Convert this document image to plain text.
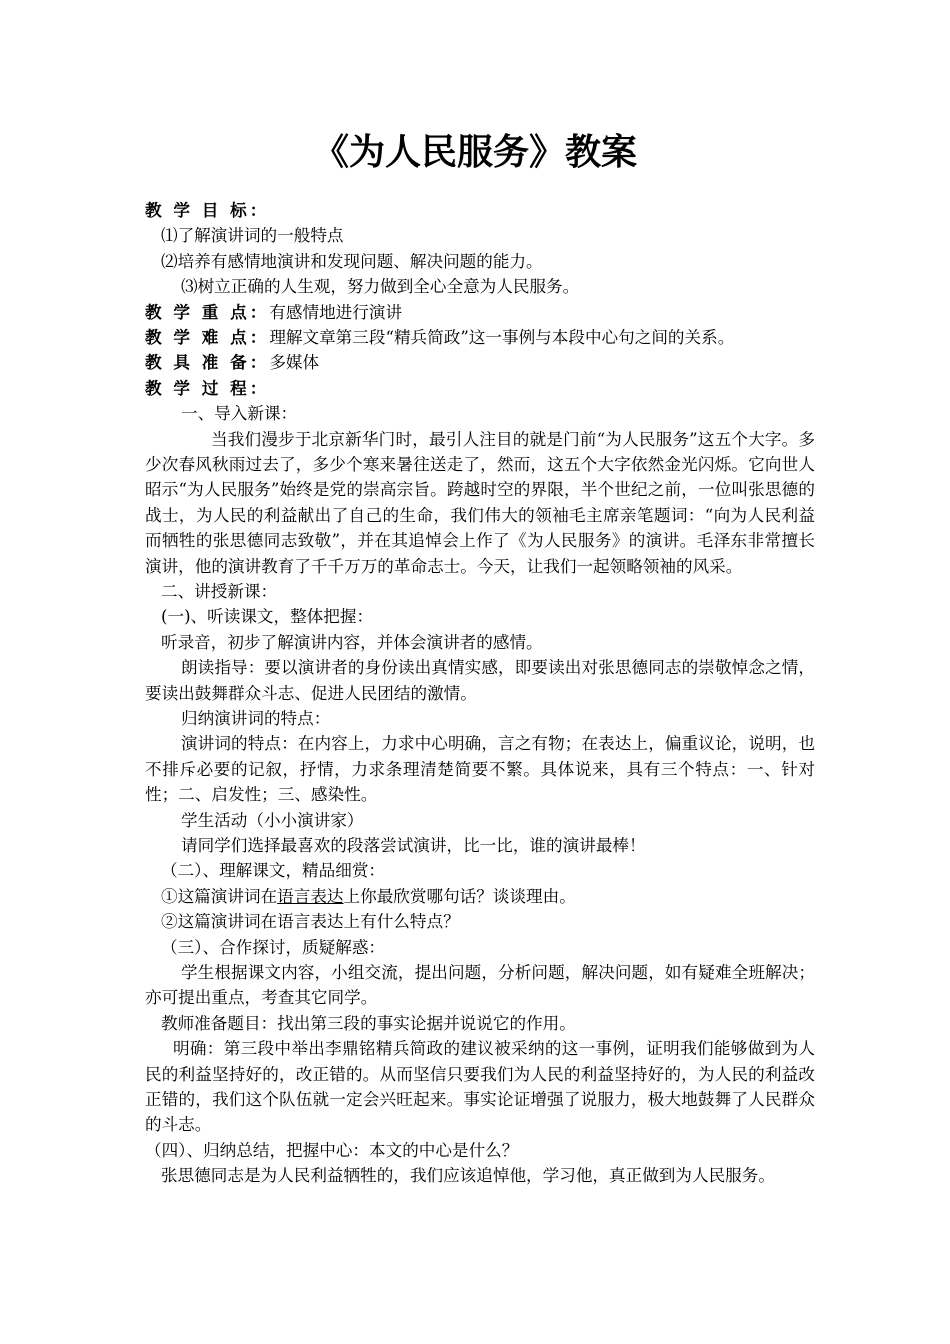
《为人民服务》教案
教 学 目 标：
⑴了解演讲词的一般特点
⑵培养有感情地演讲和发现问题、解决问题的能力。
⑶树立正确的人生观，努力做到全心全意为人民服务。
教 学 重 点：有感情地进行演讲
教 学 难 点：理解文章第三段“精兵简政”这一事例与本段中心句之间的关系。
教 具 准 备：多媒体
教 学 过 程：
一、导入新课：
当我们漫步于北京新华门时，最引人注目的就是门前“为人民服务”这五个大字。多少次春风秋雨过去了，多少个寒来暑往送走了，然而，这五个大字依然金光闪烁。它向世人昭示“为人民服务”始终是党的崇高宗旨。跨越时空的界限，半个世纪之前，一位叫张思德的战士，为人民的利益献出了自己的生命，我们伟大的领袖毛主席亲笔题词：“向为人民利益而牺牲的张思德同志致敬”，并在其追悼会上作了《为人民服务》的演讲。毛泽东非常擅长演讲，他的演讲教育了千千万万的革命志士。今天，让我们一起领略领袖的风采。
二、讲授新课：
(一)、听读课文，整体把握：
听录音，初步了解演讲内容，并体会演讲者的感情。
朗读指导：要以演讲者的身份读出真情实感，即要读出对张思德同志的崇敬悼念之情，要读出鼓舞群众斗志、促进人民团结的激情。
归纳演讲词的特点：
演讲词的特点：在内容上，力求中心明确，言之有物；在表达上，偏重议论，说明，也不排斥必要的记叙，抒情，力求条理清楚简要不繁。具体说来，具有三个特点：一、针对性；二、启发性；三、感染性。
学生活动（小小演讲家）
请同学们选择最喜欢的段落尝试演讲，比一比，谁的演讲最棒！
（二）、理解课文，精品细赏：
①这篇演讲词在语言表达上你最欣赏哪句话？谈谈理由。
②这篇演讲词在语言表达上有什么特点？
（三）、合作探讨，质疑解惑：
学生根据课文内容，小组交流，提出问题，分析问题，解决问题，如有疑难全班解决；亦可提出重点，考查其它同学。
教师准备题目：找出第三段的事实论据并说说它的作用。
明确：第三段中举出李鼎铭精兵简政的建议被采纳的这一事例，证明我们能够做到为人民的利益坚持好的，改正错的。从而坚信只要我们为人民的利益坚持好的，为人民的利益改正错的，我们这个队伍就一定会兴旺起来。事实论证增强了说服力，极大地鼓舞了人民群众的斗志。
（四）、归纳总结，把握中心：本文的中心是什么？
张思德同志是为人民利益牺牲的，我们应该追悼他，学习他，真正做到为人民服务。
